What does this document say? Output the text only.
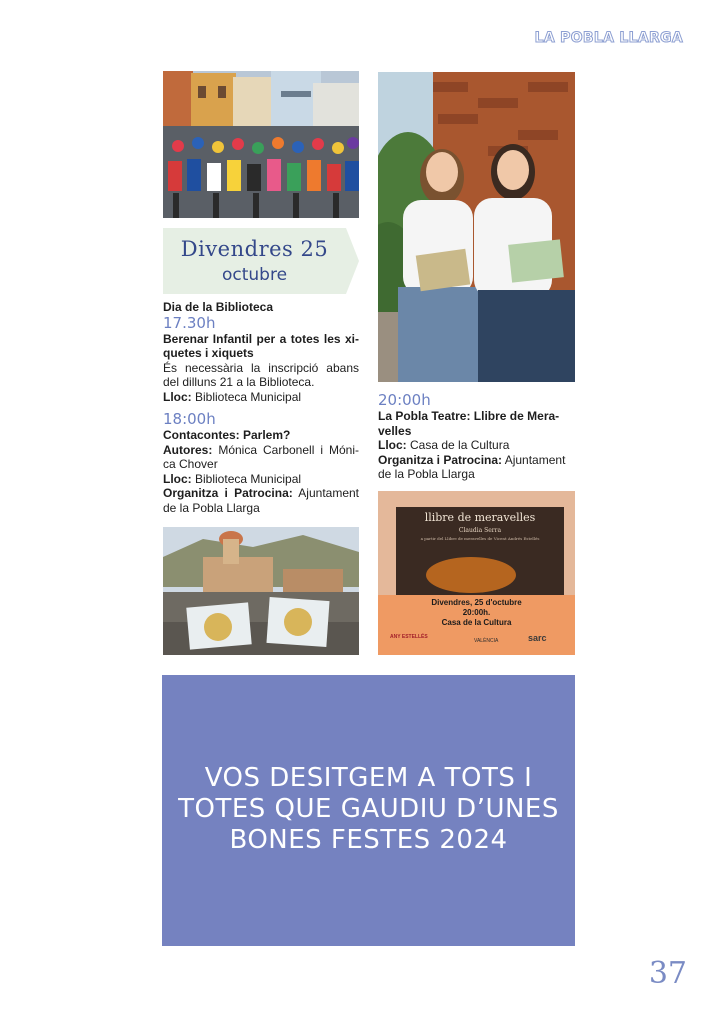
LA POBLA LLARGA
Divendres 25
octubre

Dia de la Biblioteca

17.30h

Berenar Infantil per a totes les xi-quetes i xiquets

És necessària la inscripció abans del dilluns 21 a la Biblioteca.

Lloc: Biblioteca Municipal

18:00h

Contacontes: Parlem?

Autores: Mónica Carbonell i Móni-ca Chover

Lloc: Biblioteca Municipal

Organitza i Patrocina: Ajuntament de la Pobla Llarga

20:00h

La Pobla Teatre: Llibre de Mera-velles

Lloc: Casa de la Cultura

Organitza i Patrocina: Ajuntament de la Pobla Llarga

llibre de meravelles
Claudia Serra
a partir del Llibre de meravelles de Vicent Andrés Estellés
Divendres, 25 d'octubre
20:00h.
Casa de la Cultura
ANY ESTELLÉS
VALÈNCIA	sarc
VOS DESITGEM A TOTS I TOTES QUE GAUDIU D’UNES BONES FESTES 2024
37
